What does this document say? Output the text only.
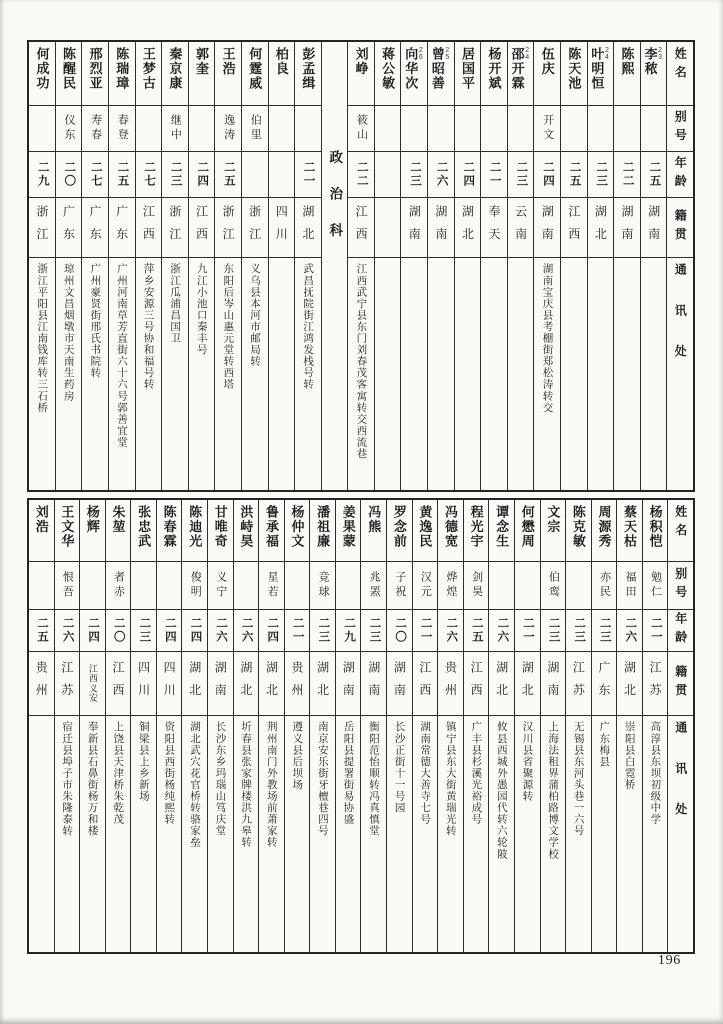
姓名
别号
年龄
籍贯
通讯处
李秾 23
二五
湖南
陈熙
二二
湖南
叶明恒 24
二三
湖北
陈天池
二五
江西
伍庆
开文
二四
湖南
湖南宝庆县考棚街郑松涛转交
邵开霖 24
二三
云南
杨开斌
二一
奉天
居国平
二四
湖北
曾昭善 25
二六
湖南
向华次 26
二三
湖南
蒋公敏
刘峥
筱山
二二
江西
江西武宁县东门刘春茂客寓转交西流巷
政治科
彭孟缉
二一
湖北
武昌抚院街江鸿发栈号转
柏良
四川
何霆威
伯里
浙江
义乌县本河市邮局转
王浩
逸涛
二五
浙江
东阳后岑山惠元堂转西塔
郭奎
二四
江西
九江小池口秦丰号
秦京康
继中
二三
浙江
浙江瓜浦昌国卫
王梦古
二七
江西
萍乡安源三号协和福号转
陈瑞璋
春登
二五
广东
广州河南草芳直街六十六号郭善宜堂
邢烈亚
寿春
二七
广东
广州豪贤街邢氏书院转
陈醒民
仪东
二〇
广东
琼州文昌烟墩市天南生药房
何成功
二九
浙江
浙江平阳县江南钱库转三石桥
姓名
别号
年龄
籍贯
通讯处
杨积恺
勉仁
二一
江苏
高淳县东坝初级中学
蔡天枯
福田
二六
湖北
崇阳县白霓桥
周源秀
亦民
二三
广东
广东梅县
陈克敏
二三
江苏
无锡县东河头巷一六号
文宗
伯鸾
二三
湖南
上海法租界蒲柏路博文学校
何懋周
二一
湖北
汉川县省聚源转
谭念生
二六
湖北
攸县西城外愚园代转六轮陂
程光宇
剑昊
二五
江西
广丰县杉溪光裕成号
冯德宽
烨煌
二六
贵州
镇宁县东大街黄瑞光转
黄逸民
汉元
二一
江西
湖南常德大善寺七号
罗念前
子祝
二〇
湖南
长沙正街十一号园
冯熊
兆罴
二三
湖南
衡阳范怡顺转冯真慎堂
姜果蒙
二九
湖南
岳阳县提署街易协盛
潘祖廉
竞球
二三
湖北
南京安乐街牙檀巷四号
杨仲文
二一
贵州
遵义县后坝场
鲁承福
星若
二四
湖北
荆州南门外教场前萧家转
洪峙昊
二六
湖北
圻春县张家牌楼洪九皋转
甘唯奇
义宁
二六
湖南
长沙东乡玛瑙山笃庆堂
陈迪光
俊明
二四
湖北
湖北武穴花官桥转骆家垒
陈春霖
二四
四川
资阳县西街杨纯熙转
张忠武
二三
四川
铜梁县上乡新场
朱堃
者赤
二〇
江西
上饶县天津桥朱乾茂
杨辉
二四
江西义安
奉新县石鼻街杨万和楼
王文华
恨吾
二六
江苏
宿迁县埠子市朱隆泰转
刘浩
二五
贵州
196
